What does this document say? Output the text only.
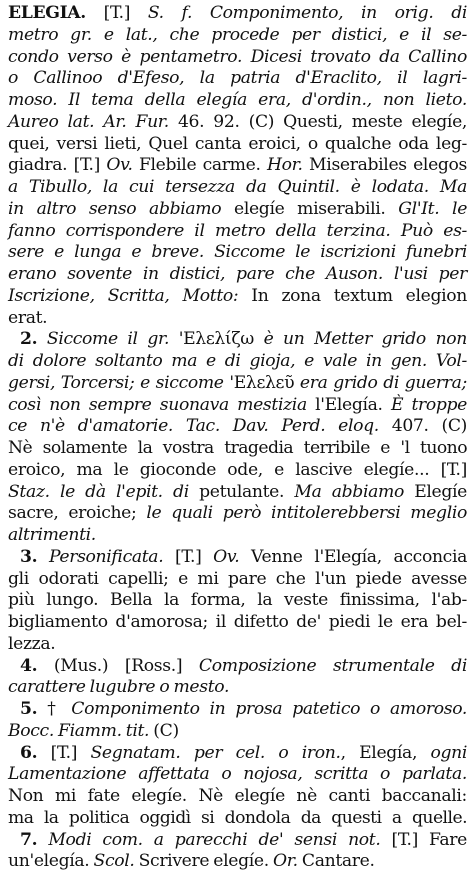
ELEGIA. [T.] S. f. Componimento, in orig. di
metro gr. e lat., che procede per distici, e il se-
condo verso è pentametro. Dicesi trovato da Callino
o Callinoo d'Efeso, la patria d'Eraclito, il lagri-
moso. Il tema della elegía era, d'ordin., non lieto.
Aureo lat. Ar. Fur. 46. 92. (C) Questi, meste elegíe,
quei, versi lieti, Quel canta eroici, o qualche oda leg-
giadra. [T.] Ov. Flebile carme. Hor. Miserabiles elegos
a Tibullo, la cui tersezza da Quintil. è lodata. Ma
in altro senso abbiamo elegíe miserabili. Gl'It. le
fanno corrispondere il metro della terzina. Può es-
sere e lunga e breve. Siccome le iscrizioni funebri
erano sovente in distici, pare che Auson. l'usi per
Iscrizione, Scritta, Motto: In zona textum elegion
erat.
2. Siccome il gr. 'Ελελίζω è un Metter grido non
di dolore soltanto ma e di gioja, e vale in gen. Vol-
gersi, Torcersi; e siccome 'Ελελεῦ era grido di guerra;
così non sempre suonava mestizia l'Elegía. È troppe
ce n'è d'amatorie. Tac. Dav. Perd. eloq. 407. (C)
Nè solamente la vostra tragedia terribile e 'l tuono
eroico, ma le gioconde ode, e lascive elegíe... [T.]
Staz. le dà l'epit. di petulante. Ma abbiamo Elegíe
sacre, eroiche; le quali però intitolerebbersi meglio
altrimenti.
3. Personificata. [T.] Ov. Venne l'Elegía, acconcia
gli odorati capelli; e mi pare che l'un piede avesse
più lungo. Bella la forma, la veste finissima, l'ab-
bigliamento d'amorosa; il difetto de' piedi le era bel-
lezza.
4. (Mus.) [Ross.] Composizione strumentale di
carattere lugubre o mesto.
5. † Componimento in prosa patetico o amoroso.
Bocc. Fiamm. tit. (C)
6. [T.] Segnatam. per cel. o iron., Elegía, ogni
Lamentazione affettata o nojosa, scritta o parlata.
Non mi fate elegíe. Nè elegíe nè canti baccanali:
ma la politica oggidì si dondola da questi a quelle.
7. Modi com. a parecchi de' sensi not. [T.] Fare
un'elegía. Scol. Scrivere elegíe. Or. Cantare.
